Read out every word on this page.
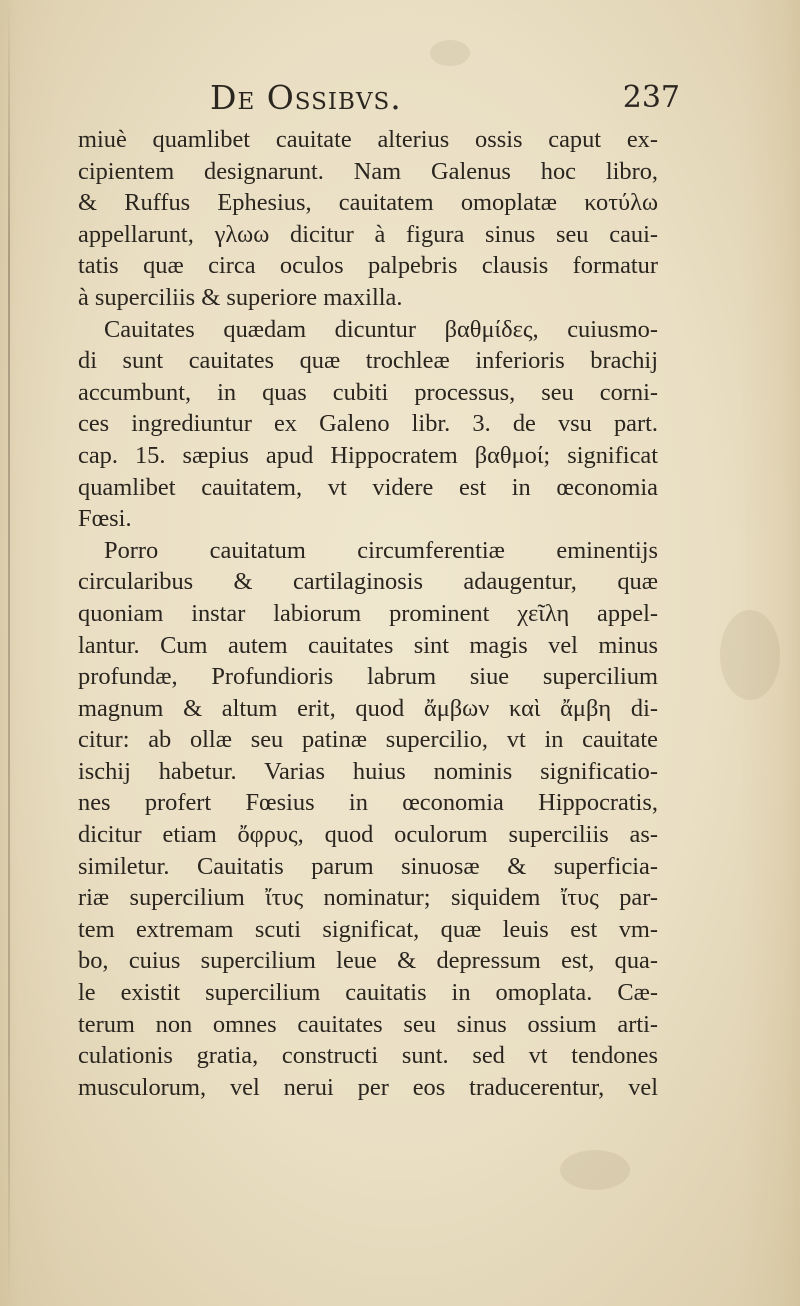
De Ossibvs.	237
miuè quamlibet cauitate alterius ossis caput ex-
cipientem designarunt. Nam Galenus hoc libro,
& Ruffus Ephesius, cauitatem omoplatæ κοτύλω
appellarunt, γλωω dicitur à figura sinus seu caui-
tatis quæ circa oculos palpebris clausis formatur
à superciliis & superiore maxilla.
Cauitates quædam dicuntur βαθμίδες, cuiusmo-
di sunt cauitates quæ trochleæ inferioris brachij
accumbunt, in quas cubiti processus, seu corni-
ces ingrediuntur ex Galeno libr. 3. de vsu part.
cap. 15. sæpius apud Hippocratem βαθμοί; significat
quamlibet cauitatem, vt videre est in œconomia
Fœsi.
Porro cauitatum circumferentiæ eminentijs
circularibus & cartilaginosis adaugentur, quæ
quoniam instar labiorum prominent χεῖλη appel-
lantur. Cum autem cauitates sint magis vel minus
profundæ, Profundioris labrum siue supercilium
magnum & altum erit, quod ἄμβων καὶ ἄμβη di-
citur: ab ollæ seu patinæ supercilio, vt in cauitate
ischij habetur. Varias huius nominis significatio-
nes profert Fœsius in œconomia Hippocratis,
dicitur etiam ὄφρυς, quod oculorum superciliis as-
similetur. Cauitatis parum sinuosæ & superficia-
riæ supercilium ἴτυς nominatur; siquidem ἴτυς par-
tem extremam scuti significat, quæ leuis est vm-
bo, cuius supercilium leue & depressum est, qua-
le existit supercilium cauitatis in omoplata. Cæ-
terum non omnes cauitates seu sinus ossium arti-
culationis gratia, constructi sunt. sed vt tendones
musculorum, vel nerui per eos traducerentur, vel
